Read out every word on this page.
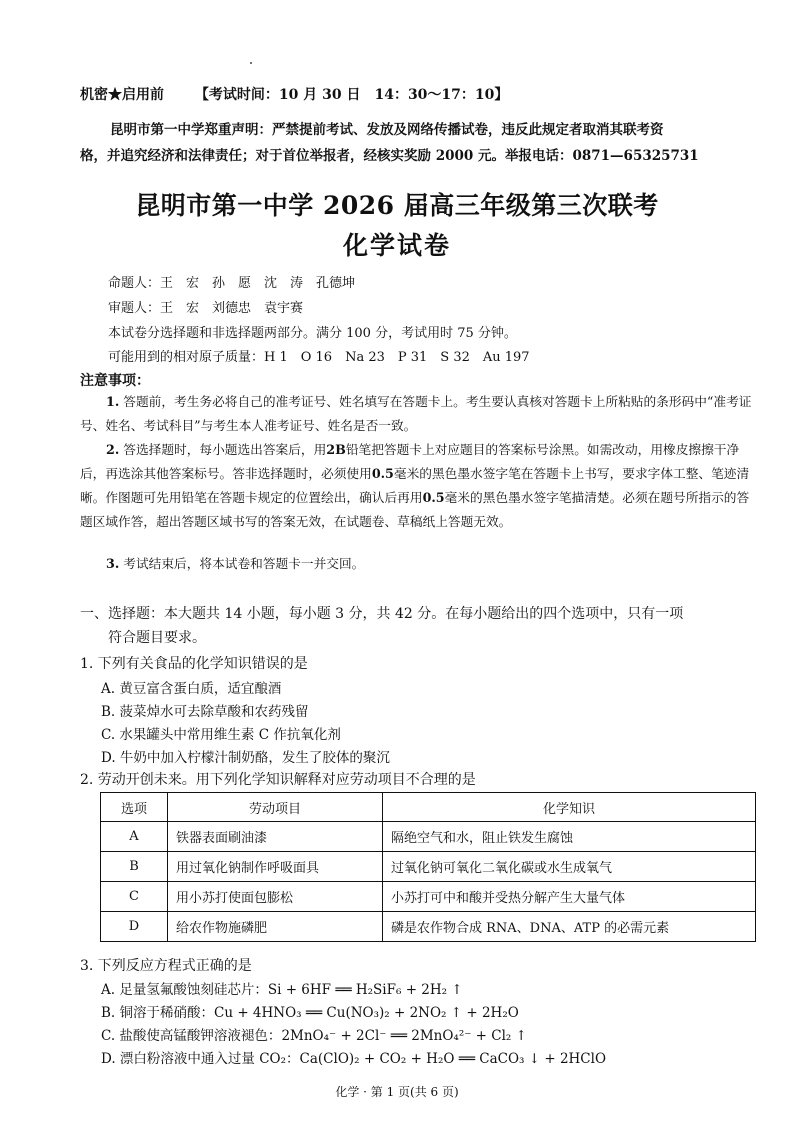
机密★启用前 【考试时间：10 月 30 日　14：30～17：10】
昆明市第一中学郑重声明：严禁提前考试、发放及网络传播试卷，违反此规定者取消其联考资
格，并追究经济和法律责任；对于首位举报者，经核实奖励 2000 元。举报电话：0871—65325731
昆明市第一中学 2026 届高三年级第三次联考
化学试卷
命题人：王　宏　孙　愿　沈　涛　孔德坤
审题人：王　宏　刘德忠　袁宇赛
本试卷分选择题和非选择题两部分。满分 100 分，考试用时 75 分钟。
可能用到的相对原子质量：H 1　O 16　Na 23　P 31　S 32　Au 197
注意事项：
1. 答题前，考生务必将自己的准考证号、姓名填写在答题卡上。考生要认真核对答题卡上所粘贴的条形码中“准考证号、姓名、考试科目”与考生本人准考证号、姓名是否一致。
2. 答选择题时，每小题选出答案后，用2B铅笔把答题卡上对应题目的答案标号涂黑。如需改动，用橡皮擦擦干净后，再选涂其他答案标号。答非选择题时，必须使用0.5毫米的黑色墨水签字笔在答题卡上书写，要求字体工整、笔迹清晰。作图题可先用铅笔在答题卡规定的位置绘出，确认后再用0.5毫米的黑色墨水签字笔描清楚。必须在题号所指示的答题区域作答，超出答题区域书写的答案无效，在试题卷、草稿纸上答题无效。
3. 考试结束后，将本试卷和答题卡一并交回。
一、选择题：本大题共 14 小题，每小题 3 分，共 42 分。在每小题给出的四个选项中，只有一项
符合题目要求。
1. 下列有关食品的化学知识错误的是
A. 黄豆富含蛋白质，适宜酿酒
B. 菠菜焯水可去除草酸和农药残留
C. 水果罐头中常用维生素 C 作抗氧化剂
D. 牛奶中加入柠檬汁制奶酪，发生了胶体的聚沉
2. 劳动开创未来。用下列化学知识解释对应劳动项目不合理的是
选项	劳动项目	化学知识
A	铁器表面刷油漆	隔绝空气和水，阻止铁发生腐蚀
B	用过氧化钠制作呼吸面具	过氧化钠可氧化二氧化碳或水生成氧气
C	用小苏打使面包膨松	小苏打可中和酸并受热分解产生大量气体
D	给农作物施磷肥	磷是农作物合成 RNA、DNA、ATP 的必需元素
3. 下列反应方程式正确的是
A. 足量氢氟酸蚀刻硅芯片：Si + 6HF ══ H₂SiF₆ + 2H₂ ↑
B. 铜溶于稀硝酸：Cu + 4HNO₃ ══ Cu(NO₃)₂ + 2NO₂ ↑ + 2H₂O
C. 盐酸使高锰酸钾溶液褪色：2MnO₄⁻ + 2Cl⁻ ══ 2MnO₄²⁻ + Cl₂ ↑
D. 漂白粉溶液中通入过量 CO₂：Ca(ClO)₂ + CO₂ + H₂O ══ CaCO₃ ↓ + 2HClO
化学 · 第 1 页(共 6 页)
